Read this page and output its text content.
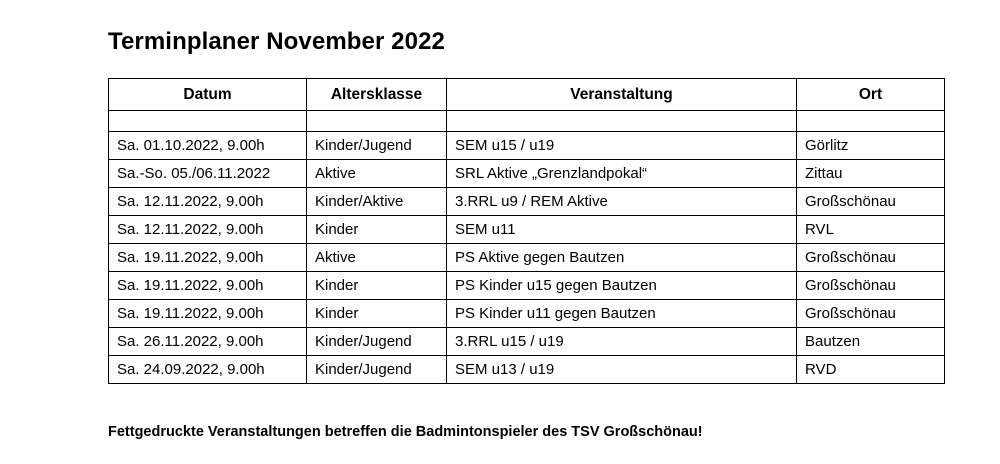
Terminplaner November 2022
Datum	Altersklasse	Veranstaltung	Ort

Sa. 01.10.2022, 9.00h	Kinder/Jugend	SEM u15 / u19	Görlitz
Sa.-So. 05./06.11.2022	Aktive	SRL Aktive „Grenzlandpokal“	Zittau
Sa. 12.11.2022, 9.00h	Kinder/Aktive	3.RRL u9 / REM Aktive	Großschönau
Sa. 12.11.2022, 9.00h	Kinder	SEM u11	RVL
Sa. 19.11.2022, 9.00h	Aktive	PS Aktive gegen Bautzen	Großschönau
Sa. 19.11.2022, 9.00h	Kinder	PS Kinder u15 gegen Bautzen	Großschönau
Sa. 19.11.2022, 9.00h	Kinder	PS Kinder u11 gegen Bautzen	Großschönau
Sa. 26.11.2022, 9.00h	Kinder/Jugend	3.RRL u15 / u19	Bautzen
Sa. 24.09.2022, 9.00h	Kinder/Jugend	SEM u13 / u19	RVD
Fettgedruckte Veranstaltungen betreffen die Badmintonspieler des TSV Großschönau!
